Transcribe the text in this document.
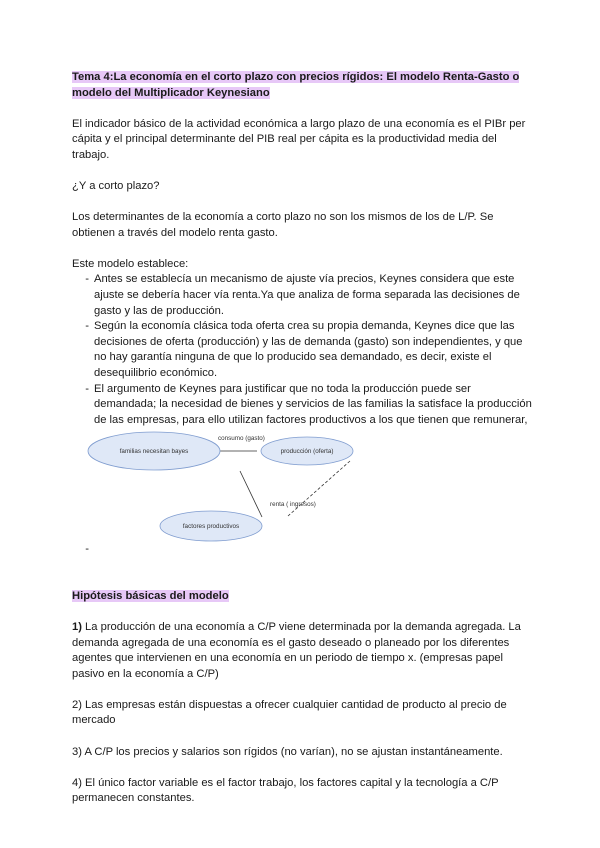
Tema 4:La economía en el corto plazo con precios rígidos: El modelo Renta-Gasto o
modelo del Multiplicador Keynesiano

El indicador básico de la actividad económica a largo plazo de una economía es el PIBr per cápita y el principal determinante del PIB real per cápita es la productividad media del trabajo.

¿Y a corto plazo?

Los determinantes de la economía a corto plazo no son los mismos de los de L/P. Se obtienen a través del modelo renta gasto.

Este modelo establece:

- Antes se establecía un mecanismo de ajuste vía precios, Keynes considera que este ajuste se debería hacer vía renta.Ya que analiza de forma separada las decisiones de gasto y las de producción.
- Según la economía clásica toda oferta crea su propia demanda, Keynes dice que las decisiones de oferta (producción) y las de demanda (gasto) son independientes, y que no hay garantía ninguna de que lo producido sea demandado, es decir, existe el desequilibrio económico.
- El argumento de Keynes para justificar que no toda la producción puede ser demandada; la necesidad de bienes y servicios de las familias la satisface la producción de las empresas, para ello utilizan factores productivos a los que tienen que remunerar,
familias necesitan bayes	producción (oferta)
factores productivos
consumo (gasto)
renta ( ingresos)
-

Hipótesis básicas del modelo

1) La producción de una economía a C/P viene determinada por la demanda agregada. La demanda agregada de una economía es el gasto deseado o planeado por los diferentes agentes que intervienen en una economía en un periodo de tiempo x. (empresas papel pasivo en la economía a C/P)

2) Las empresas están dispuestas a ofrecer cualquier cantidad de producto al precio de mercado

3) A C/P los precios y salarios son rígidos (no varían), no se ajustan instantáneamente.

4) El único factor variable es el factor trabajo, los factores capital y la tecnología a C/P permanecen constantes.
